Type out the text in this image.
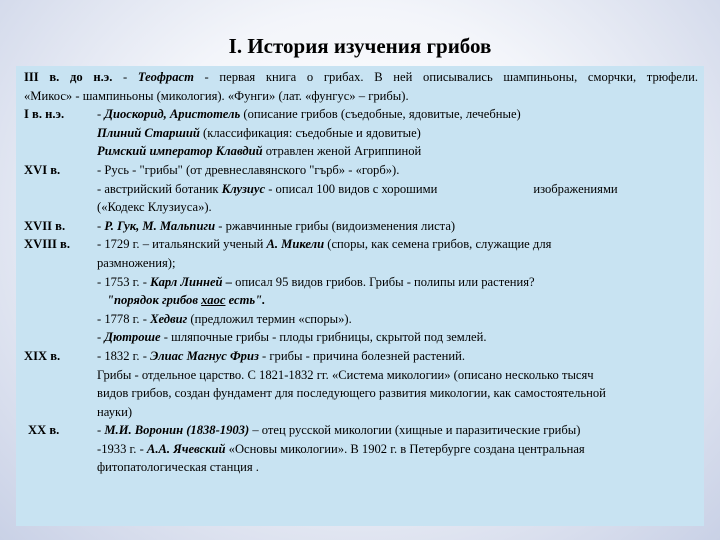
I. История изучения грибов
III в. до н.э. - Теофраст - первая книга о грибах. В ней описывались шампиньоны, сморчки, трюфели.
«Микос» - шампиньоны (микология). «Фунги» (лат. «фунгус» – грибы).
I в. н.э.	- Диоскорид, Аристотель (описание грибов (съедобные, ядовитые, лечебные)
Плиний Старший (классификация: съедобные и ядовитые)
Римский император Клавдий отравлен женой Агриппиной
XVI в.	- Русь - "грибы" (от древнеславянского "гърб» - «горб»).
- австрийский ботаник Клузиус - описал 100 видов с хорошими	изображениями
(«Кодекс Клузиуса»).
XVII в.	- Р. Гук, М. Мальпиги - ржавчинные грибы (видоизменения листа)
XVIII в.	- 1729 г. – итальянский ученый А. Микели (споры, как семена грибов, служащие для
размножения);
- 1753 г. - Карл Линней – описал 95 видов грибов. Грибы - полипы или растения?
"порядок грибов хаос есть".
- 1778 г. - Хедвиг (предложил термин «споры»).
- Дютроше - шляпочные грибы - плоды грибницы, скрытой под землей.
XIX в.	- 1832 г. - Элиас Магнус Фриз - грибы - причина болезней растений.
Грибы - отдельное царство. С 1821-1832 гг. «Система микологии» (описано несколько тысяч
видов грибов, создан фундамент для последующего развития микологии, как самостоятельной
науки)
XX в.	- М.И. Воронин (1838-1903) – отец русской микологии (хищные и паразитические грибы)
-1933 г. - А.А. Ячевский «Основы микологии». В 1902 г. в Петербурге создана центральная
фитопатологическая станция .
